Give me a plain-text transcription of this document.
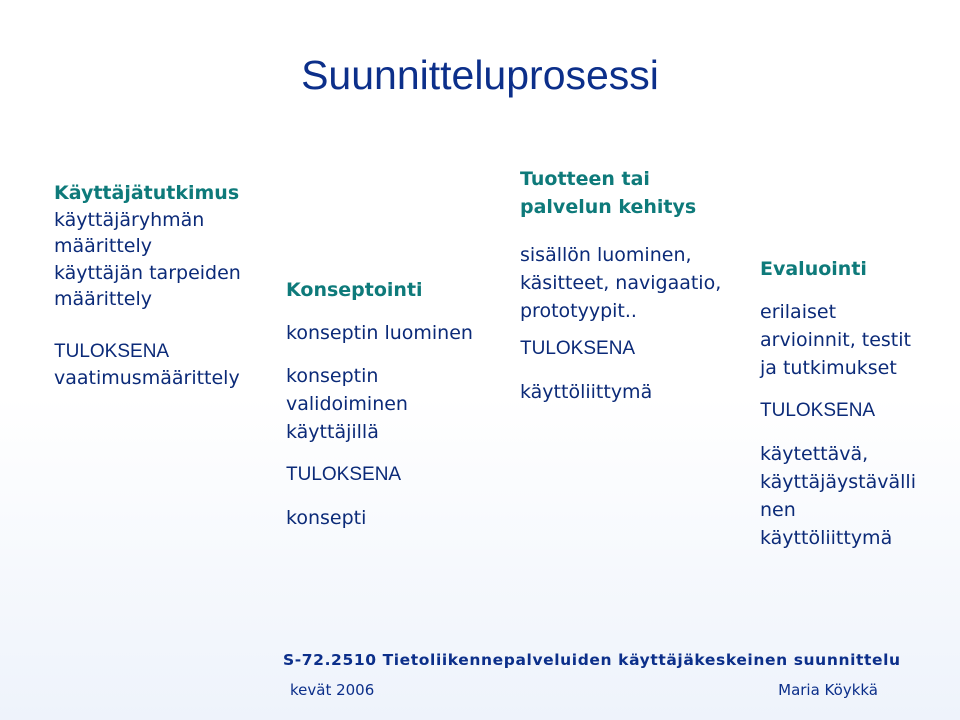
Suunnitteluprosessi
Käyttäjätutkimus
käyttäjäryhmän
määrittely
käyttäjän tarpeiden
määrittely
TULOKSENA
vaatimusmäärittely
Konseptointi
konseptin luominen
konseptin
validoiminen
käyttäjillä
TULOKSENA
konsepti
Tuotteen tai
palvelun kehitys
sisällön luominen,
käsitteet, navigaatio,
prototyypit..
TULOKSENA
käyttöliittymä
Evaluointi
erilaiset
arvioinnit, testit
ja tutkimukset
TULOKSENA
käytettävä,
käyttäjäystävälli
nen
käyttöliittymä
S-72.2510 Tietoliikennepalveluiden käyttäjäkeskeinen suunnittelu
kevät 2006	Maria Köykkä
